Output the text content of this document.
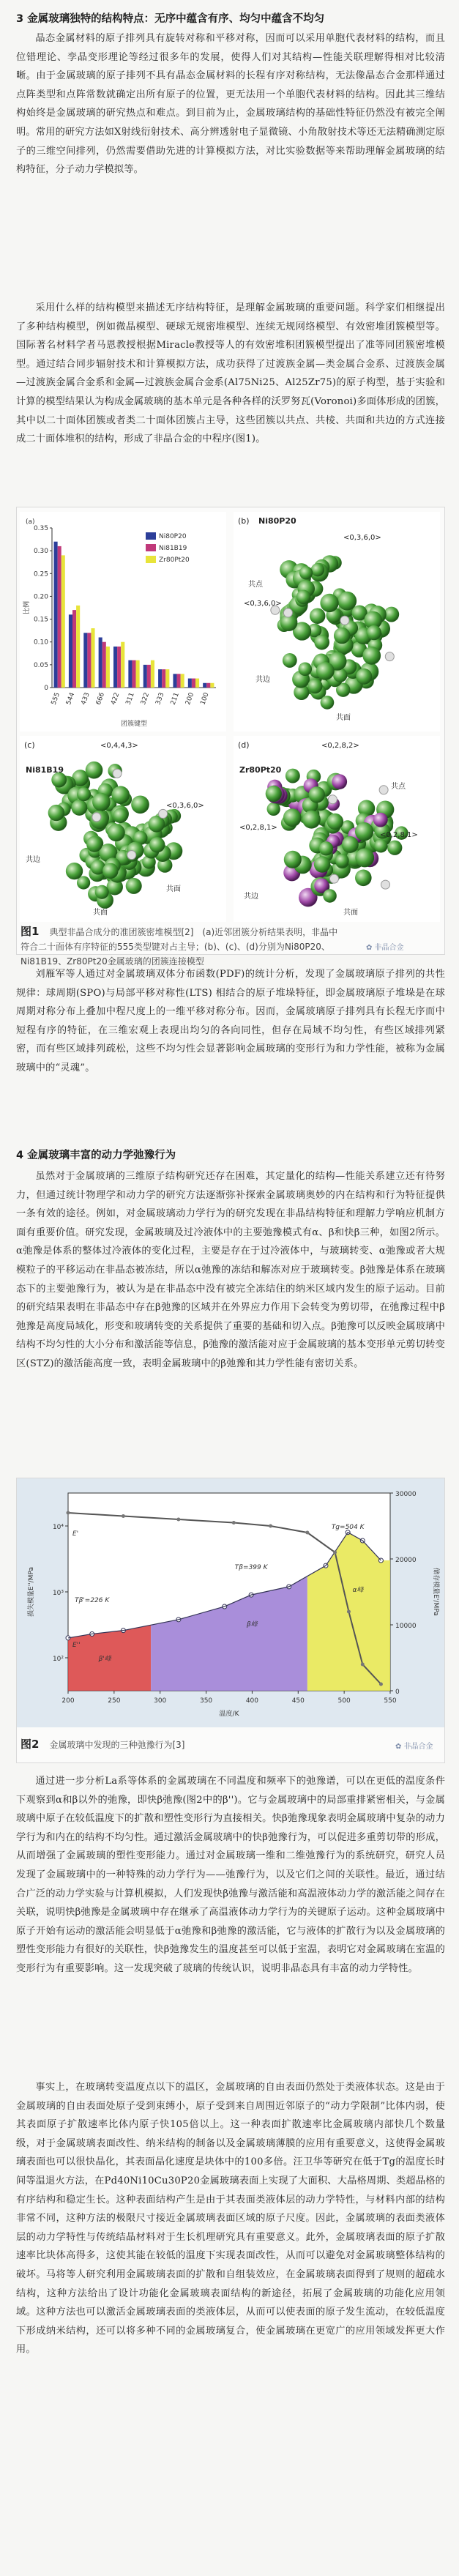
3 金属玻璃独特的结构特点：无序中蕴含有序、均匀中蕴含不均匀
晶态金属材料的原子排列具有旋转对称和平移对称，因而可以采用单胞代表材料的结构，而且位错理论、孪晶变形理论等经过很多年的发展，使得人们对其结构—性能关联理解得相对比较清晰。由于金属玻璃的原子排列不具有晶态金属材料的长程有序对称结构，无法像晶态合金那样通过点阵类型和点阵常数就确定出所有原子的位置，更无法用一个单胞代表材料的结构。因此其三维结构始终是金属玻璃的研究热点和难点。到目前为止，金属玻璃结构的基础性特征仍然没有被完全阐明。常用的研究方法如X射线衍射技术、高分辨透射电子显微镜、小角散射技术等还无法精确测定原子的三维空间排列，仍然需要借助先进的计算模拟方法，对比实验数据等来帮助理解金属玻璃的结构特征，分子动力学模拟等。
采用什么样的结构模型来描述无序结构特征，是理解金属玻璃的重要问题。科学家们相继提出了多种结构模型，例如微晶模型、硬球无规密堆模型、连续无规网络模型、有效密堆团簇模型等。国际著名材料学者马恩教授根据Miracle教授等人的有效密堆积团簇模型提出了准等同团簇密堆模型。通过结合同步辐射技术和计算模拟方法，成功获得了过渡族金属—类金属合金系、过渡族金属—过渡族金属合金系和金属—过渡族金属合金系(Al75Ni25、Al25Zr75)的原子构型，基于实验和计算的模型结果认为构成金属玻璃的基本单元是各种各样的沃罗努瓦(Voronoi)多面体形成的团簇，其中以二十面体团簇或者类二十面体团簇占主导，这些团簇以共点、共棱、共面和共边的方式连接成二十面体堆积的结构，形成了非晶合金的中程序(图1)。
(a)
0
0.05
0.10
0.15
0.20
0.25
0.30
0.35
555 544 433 666 422 311 322 333 211 200 100
团簇键型
比例
Ni80P20
Ni81B19
Zr80Pt20
(b) Ni80P20
<0,3,6,0>
<0,3,6,0>
共点
共边
共面
(c)
Ni81B19
<0,4,4,3>
<0,3,6,0>
共边
共面
共面
(d)
Zr80Pt20
<0,2,8,2>
<0,2,8,1>
<0,2,8,1>
共边
共点
共面
图1 典型非晶合成分的准团簇密堆模型[2]　(a)近邻团簇分析结果表明，非晶中符合二十面体有序特征的555类型键对占主导；(b)、(c)、(d)分别为Ni80P20、Ni81B19、Zr80Pt20金属玻璃的团簇连接模型
✿ 非晶合金
刘雁军等人通过对金属玻璃双体分布函数(PDF)的统计分析，发现了金属玻璃原子排列的共性规律：球周期(SPO)与局部平移对称性(LTS) 相结合的原子堆垛特征，即金属玻璃原子堆垛是在球周期对称分布上叠加中程尺度上的一维平移对称分布。因而，金属玻璃原子排列具有长程无序而中短程有序的特征，在三维宏观上表现出均匀的各向同性，但存在局域不均匀性，有些区域排列紧密，而有些区域排列疏松，这些不均匀性会显著影响金属玻璃的变形行为和力学性能，被称为金属玻璃中的“灵魂”。
4 金属玻璃丰富的动力学弛豫行为
虽然对于金属玻璃的三维原子结构研究还存在困难，其定量化的结构—性能关系建立还有待努力，但通过统计物理学和动力学的研究方法逐渐弥补探索金属玻璃奥妙的内在结构和行为特征提供一条有效的途径。例如，对金属玻璃动力学行为的研究发现在非晶结构特征和理解力学响应机制方面有重要价值。研究发现，金属玻璃及过冷液体中的主要弛豫模式有α、β和快β三种，如图2所示。α弛豫是体系的整体过冷液体的变化过程，主要是存在于过冷液体中，与玻璃转变、α弛豫或者大规模粒子的平移运动在非晶态被冻结，所以α弛豫的冻结和解冻对应于玻璃转变。β弛豫是体系在玻璃态下的主要弛豫行为，被认为是在非晶态中没有被完全冻结住的纳米区域内发生的原子运动。目前的研究结果表明在非晶态中存在β弛豫的区域并在外界应力作用下会转变为剪切带，在弛豫过程中β弛豫是高度局域化，形变和玻璃转变的关系提供了重要的基础和切入点。β弛豫可以反映金属玻璃中结构不均匀性的大小分布和激活能等信息，β弛豫的激活能对应于金属玻璃的基本变形单元剪切转变区(STZ)的激活能高度一致，表明金属玻璃中的β弛豫和其力学性能有密切关系。
200	250	300	350	400	450	500	550
温度/K
10²
10³
10⁴
损失模量E''/MPa
0
10000
20000
30000
储存模量E'/MPa
Tg=504 K
Tβ=399 K
Tβ'=226 K
α峰
β峰
β'峰
E'
E''
图2 金属玻璃中发现的三种弛豫行为[3]	✿ 非晶合金
通过进一步分析La系等体系的金属玻璃在不同温度和频率下的弛豫谱，可以在更低的温度条件下观察到α和β以外的弛豫，即快β弛豫(图2中的β'')。它与金属玻璃中的局部重排紧密相关，与金属玻璃中原子在较低温度下的扩散和塑性变形行为直接相关。快β弛豫现象表明金属玻璃中复杂的动力学行为和内在的结构不均匀性。通过激活金属玻璃中的快β弛豫行为，可以促进多重剪切带的形成，从而增强了金属玻璃的塑性变形能力。通过对金属玻璃一维和二维弛豫行为的系统研究，研究人员发现了金属玻璃中的一种特殊的动力学行为——弛豫行为，以及它们之间的关联性。最近，通过结合广泛的动力学实验与计算机模拟，人们发现快β弛豫与激活能和高温液体动力学的激活能之间存在关联，说明快β弛豫是金属玻璃中存在继承了高温液体动力学行为的关键原子运动。这种金属玻璃中原子开始有运动的激活能会明显低于α弛豫和β弛豫的激活能，它与液体的扩散行为以及金属玻璃的塑性变形能力有很好的关联性，快β弛豫发生的温度甚至可以低于室温，表明它对金属玻璃在室温的变形行为有重要影响。这一发现突破了玻璃的传统认识，说明非晶态具有丰富的动力学特性。
事实上，在玻璃转变温度点以下的温区，金属玻璃的自由表面仍然处于类液体状态。这是由于金属玻璃的自由表面处原子受到束缚小，原子受到来自周围近邻原子的“动力学限制”比体内弱，使其表面原子扩散速率比体内原子快105倍以上。这一种表面扩散速率比金属玻璃内部快几个数量级，对于金属玻璃表面改性、纳米结构的制备以及金属玻璃薄膜的应用有重要意义，这使得金属玻璃表面也可以很快晶化，其表面晶化速度是块体中的100多倍。汪卫华等研究在低于Tg的温度长时间等温退火方法，在Pd40Ni10Cu30P20金属玻璃表面上实现了大面积、大晶格周期、类超晶格的有序结构和稳定生长。这种表面结构产生是由于其表面类液体层的动力学特性，与材料内部的结构非常不同，这种方法的极限尺寸接近金属玻璃表面区域的原子尺度。因此，金属玻璃的表面类液体层的动力学特性与传统结晶材料对于生长机理研究具有重要意义。此外，金属玻璃表面的原子扩散速率比块体高得多，这使其能在较低的温度下实现表面改性，从而可以避免对金属玻璃整体结构的破坏。马将等人研究利用金属玻璃表面的扩散和自组装效应，在金属玻璃表面得到了规则的超疏水结构，这种方法给出了设计功能化金属玻璃表面结构的新途径，拓展了金属玻璃的功能化应用领域。这种方法也可以激活金属玻璃表面的类液体层，从而可以使表面的原子发生流动，在较低温度下形成纳米结构，还可以将多种不同的金属玻璃复合，使金属玻璃在更宽广的应用领域发挥更大作用。
